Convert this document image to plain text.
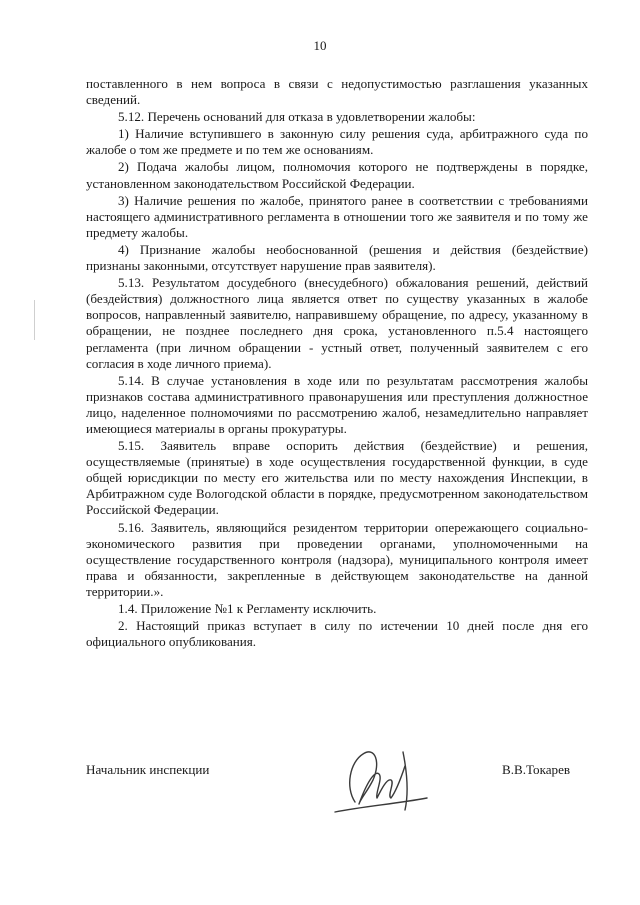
10

поставленного в нем вопроса в связи с недопустимостью разглашения указанных сведений.

5.12. Перечень оснований для отказа в удовлетворении жалобы:

1) Наличие вступившего в законную силу решения суда, арбитражного суда по жалобе о том же предмете и по тем же основаниям.

2) Подача жалобы лицом, полномочия которого не подтверждены в порядке, установленном законодательством Российской Федерации.

3) Наличие решения по жалобе, принятого ранее в соответствии с требованиями настоящего административного регламента в отношении того же заявителя и по тому же предмету жалобы.

4) Признание жалобы необоснованной (решения и действия (бездействие) признаны законными, отсутствует нарушение прав заявителя).

5.13. Результатом досудебного (внесудебного) обжалования решений, действий (бездействия) должностного лица является ответ по существу указанных в жалобе вопросов, направленный заявителю, направившему обращение, по адресу, указанному в обращении, не позднее последнего дня срока, установленного п.5.4 настоящего регламента (при личном обращении - устный ответ, полученный заявителем с его согласия в ходе личного приема).

5.14. В случае установления в ходе или по результатам рассмотрения жалобы признаков состава административного правонарушения или преступления должностное лицо, наделенное полномочиями по рассмотрению жалоб, незамедлительно направляет имеющиеся материалы в органы прокуратуры.

5.15. Заявитель вправе оспорить действия (бездействие) и решения, осуществляемые (принятые) в ходе осуществления государственной функции, в суде общей юрисдикции по месту его жительства или по месту нахождения Инспекции, в Арбитражном суде Вологодской области в порядке, предусмотренном законодательством Российской Федерации.

5.16. Заявитель, являющийся резидентом территории опережающего социально-экономического развития при проведении органами, уполномоченными на осуществление государственного контроля (надзора), муниципального контроля имеет права и обязанности, закрепленные в действующем законодательстве на данной территории.».

1.4. Приложение №1 к Регламенту исключить.

2. Настоящий приказ вступает в силу по истечении 10 дней после дня его официального опубликования.

Начальник инспекции	В.В.Токарев
